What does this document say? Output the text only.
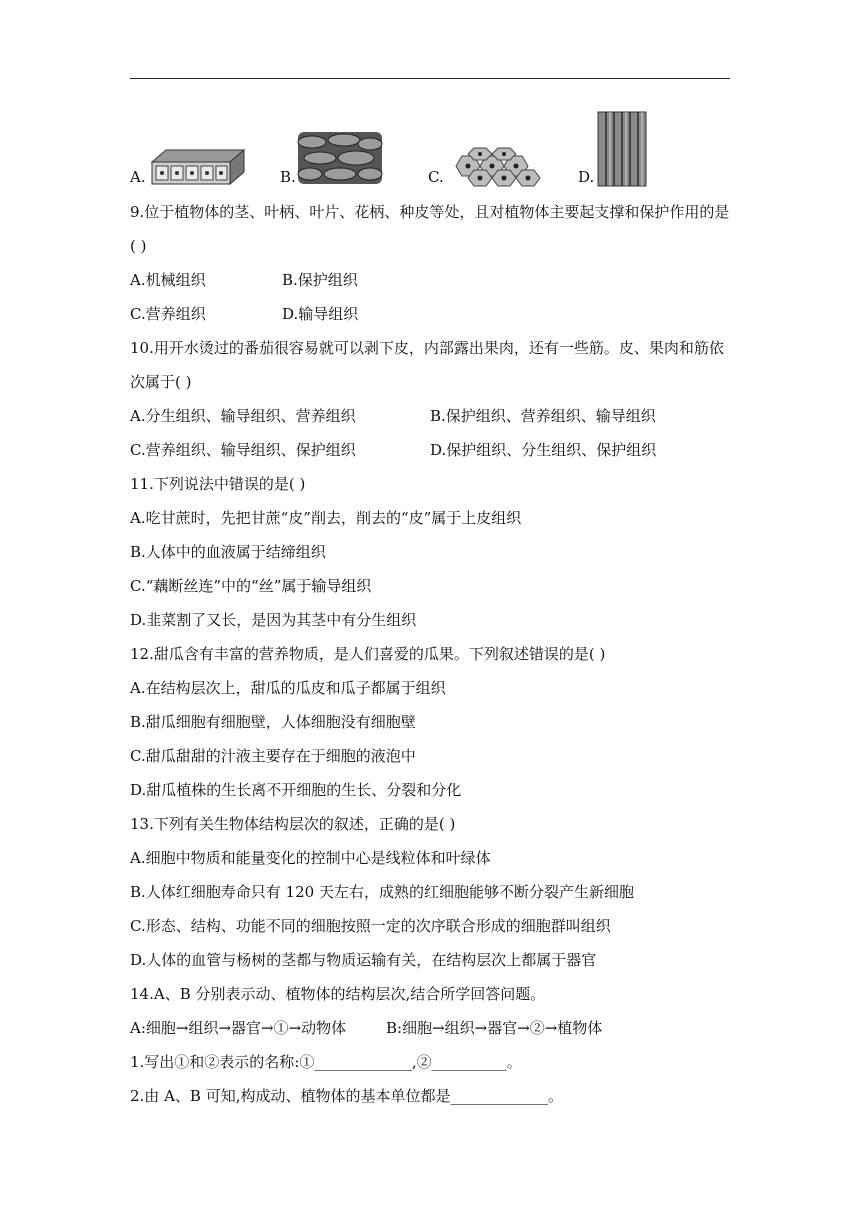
A.	B.	C.	D.
9.位于植物体的茎、叶柄、叶片、花柄、种皮等处，且对植物体主要起支撑和保护作用的是
( )
A.机械组织	B.保护组织
C.营养组织	D.输导组织
10.用开水烫过的番茄很容易就可以剥下皮，内部露出果肉，还有一些筋。皮、果肉和筋依
次属于( )
A.分生组织、输导组织、营养组织	B.保护组织、营养组织、输导组织
C.营养组织、输导组织、保护组织	D.保护组织、分生组织、保护组织
11.下列说法中错误的是( )
A.吃甘蔗时，先把甘蔗“皮”削去，削去的“皮”属于上皮组织
B.人体中的血液属于结缔组织
C.“藕断丝连”中的“丝”属于输导组织
D.韭菜割了又长，是因为其茎中有分生组织
12.甜瓜含有丰富的营养物质，是人们喜爱的瓜果。下列叙述错误的是( )
A.在结构层次上，甜瓜的瓜皮和瓜子都属于组织
B.甜瓜细胞有细胞壁，人体细胞没有细胞壁
C.甜瓜甜甜的汁液主要存在于细胞的液泡中
D.甜瓜植株的生长离不开细胞的生长、分裂和分化
13.下列有关生物体结构层次的叙述，正确的是( )
A.细胞中物质和能量变化的控制中心是线粒体和叶绿体
B.人体红细胞寿命只有 120 天左右，成熟的红细胞能够不断分裂产生新细胞
C.形态、结构、功能不同的细胞按照一定的次序联合形成的细胞群叫组织
D.人体的血管与杨树的茎都与物质运输有关，在结构层次上都属于器官
14.A、B 分别表示动、植物体的结构层次,结合所学回答问题。
A:细胞→组织→器官→①→动物体	B:细胞→组织→器官→②→植物体
1.写出①和②表示的名称:①_____________,②__________。
2.由 A、B 可知,构成动、植物体的基本单位都是_____________。
